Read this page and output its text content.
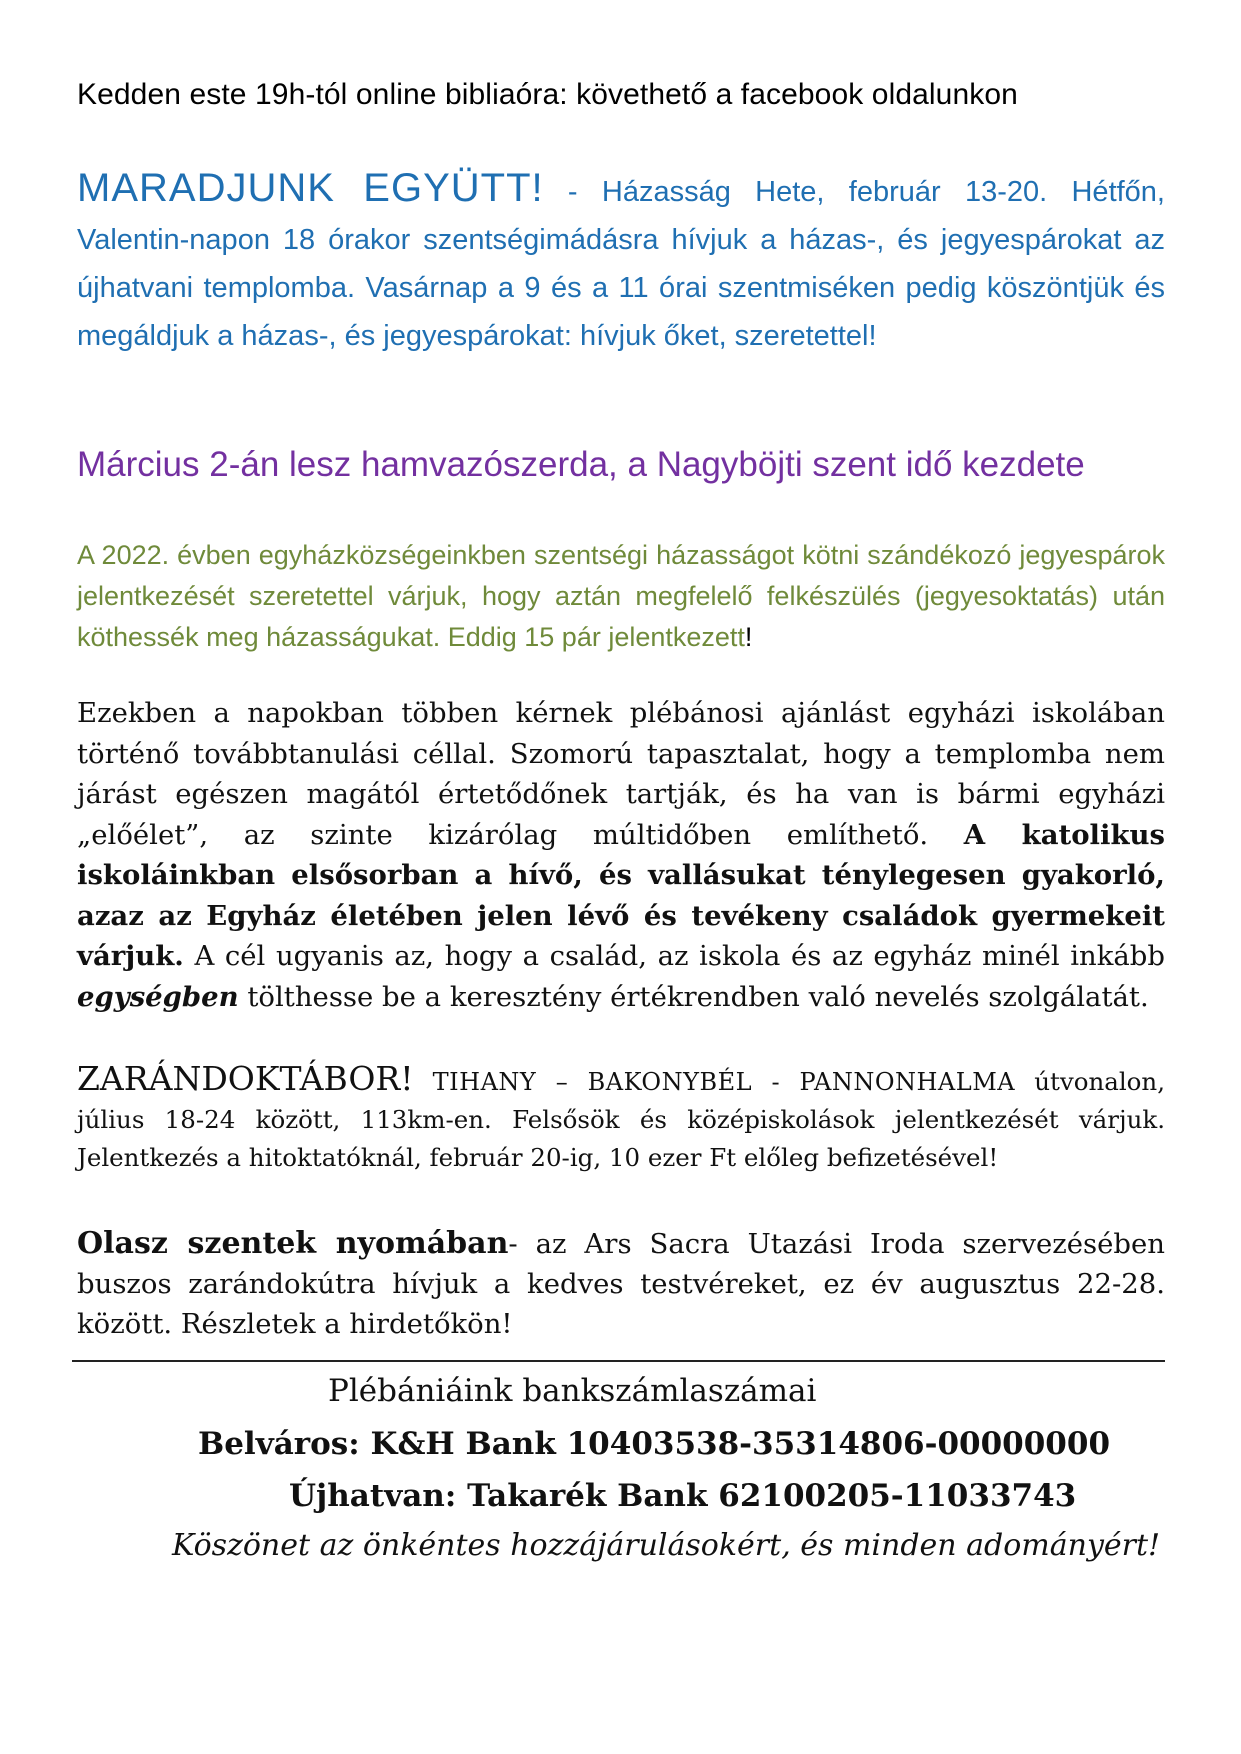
Kedden este 19h-tól online bibliaóra: követhető a facebook oldalunkon

MARADJUNK EGYÜTT! - Házasság Hete, február 13-20. Hétfőn, Valentin-napon 18 órakor szentségimádásra hívjuk a házas-, és jegyespárokat az újhatvani templomba. Vasárnap a 9 és a 11 órai szentmiséken pedig köszöntjük és megáldjuk a házas-, és jegyespárokat: hívjuk őket, szeretettel!

Március 2-án lesz hamvazószerda, a Nagyböjti szent idő kezdete

A 2022. évben egyházközségeinkben szentségi házasságot kötni szándékozó jegyespárok jelentkezését szeretettel várjuk, hogy aztán megfelelő felkészülés (jegyesoktatás) után köthessék meg házasságukat. Eddig 15 pár jelentkezett!

Ezekben a napokban többen kérnek plébánosi ajánlást egyházi iskolában történő továbbtanulási céllal. Szomorú tapasztalat, hogy a templomba nem járást egészen magától értetődőnek tartják, és ha van is bármi egyházi „előélet”, az szinte kizárólag múltidőben említhető. A katolikus iskoláinkban elsősorban a hívő, és vallásukat ténylegesen gyakorló, azaz az Egyház életében jelen lévő és tevékeny családok gyermekeit várjuk. A cél ugyanis az, hogy a család, az iskola és az egyház minél inkább egységben tölthesse be a keresztény értékrendben való nevelés szolgálatát.

ZARÁNDOKTÁBOR! TIHANY – BAKONYBÉL - PANNONHALMA útvonalon, július 18-24 között, 113km-en. Felsősök és középiskolások jelentkezését várjuk. Jelentkezés a hitoktatóknál, február 20-ig, 10 ezer Ft előleg befizetésével!

Olasz szentek nyomában- az Ars Sacra Utazási Iroda szervezésében buszos zarándokútra hívjuk a kedves testvéreket, ez év augusztus 22-28. között. Részletek a hirdetőkön!

Plébániáink bankszámlaszámai
Belváros: K&H Bank 10403538-35314806-00000000
Újhatvan: Takarék Bank 62100205-11033743
Köszönet az önkéntes hozzájárulásokért, és minden adományért!
